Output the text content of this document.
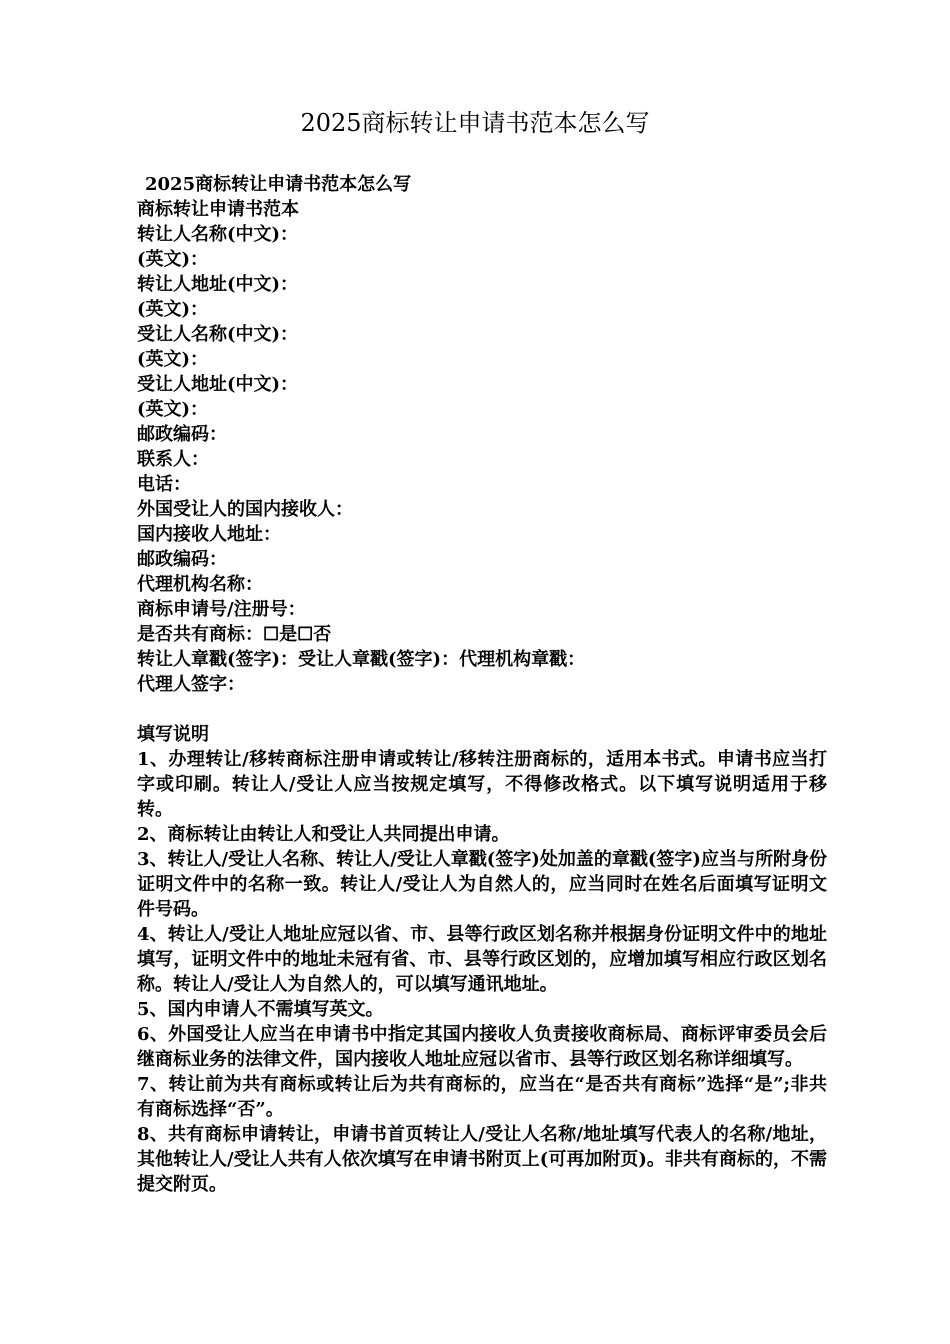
2025商标转让申请书范本怎么写
2025商标转让申请书范本怎么写
商标转让申请书范本
转让人名称(中文)：
(英文)：
转让人地址(中文)：
(英文)：
受让人名称(中文)：
(英文)：
受让人地址(中文)：
(英文)：
邮政编码：
联系人：
电话：
外国受让人的国内接收人：
国内接收人地址：
邮政编码：
代理机构名称：
商标申请号/注册号：
是否共有商标：☐是☐否
转让人章戳(签字)：受让人章戳(签字)：代理机构章戳：
代理人签字：
填写说明
1、办理转让/移转商标注册申请或转让/移转注册商标的，适用本书式。申请书应当打字或印刷。转让人/受让人应当按规定填写，不得修改格式。以下填写说明适用于移转。
2、商标转让由转让人和受让人共同提出申请。
3、转让人/受让人名称、转让人/受让人章戳(签字)处加盖的章戳(签字)应当与所附身份证明文件中的名称一致。转让人/受让人为自然人的，应当同时在姓名后面填写证明文件号码。
4、转让人/受让人地址应冠以省、市、县等行政区划名称并根据身份证明文件中的地址填写，证明文件中的地址未冠有省、市、县等行政区划的，应增加填写相应行政区划名称。转让人/受让人为自然人的，可以填写通讯地址。
5、国内申请人不需填写英文。
6、外国受让人应当在申请书中指定其国内接收人负责接收商标局、商标评审委员会后继商标业务的法律文件，国内接收人地址应冠以省市、县等行政区划名称详细填写。
7、转让前为共有商标或转让后为共有商标的，应当在“是否共有商标”选择“是”;非共有商标选择“否”。
8、共有商标申请转让，申请书首页转让人/受让人名称/地址填写代表人的名称/地址，其他转让人/受让人共有人依次填写在申请书附页上(可再加附页)。非共有商标的，不需提交附页。
